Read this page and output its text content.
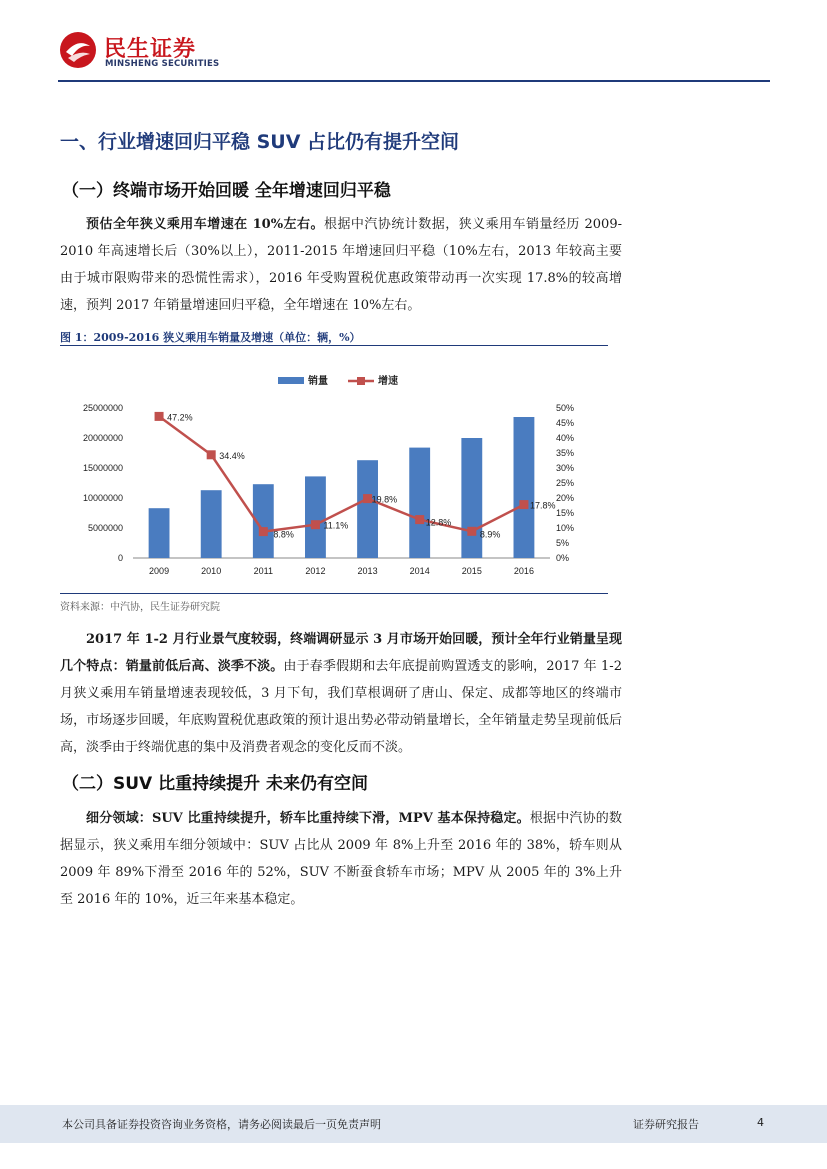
民生证券
MINSHENG SECURITIES
一、行业增速回归平稳 SUV 占比仍有提升空间
（一）终端市场开始回暖 全年增速回归平稳
预估全年狭义乘用车增速在 10%左右。根据中汽协统计数据，狭义乘用车销量经历 2009-2010 年高速增长后（30%以上），2011-2015 年增速回归平稳（10%左右，2013 年较高主要由于城市限购带来的恐慌性需求），2016 年受购置税优惠政策带动再一次实现 17.8%的较高增速，预判 2017 年销量增速回归平稳，全年增速在 10%左右。
图 1：2009-2016 狭义乘用车销量及增速（单位：辆，%）
0
5000000
10000000
15000000
20000000
25000000
0%
5%
10%
15%
20%
25%
30%
35%
40%
45%
50%
2009	2010	2011	2012	2013	2014	2015	2016
47.2%
34.4%
8.8%
11.1%
19.8%
12.8%
8.9%
17.8%
销量	增速
资料来源：中汽协，民生证券研究院
2017 年 1-2 月行业景气度较弱，终端调研显示 3 月市场开始回暖，预计全年行业销量呈现几个特点：销量前低后高、淡季不淡。由于春季假期和去年底提前购置透支的影响，2017 年 1-2 月狭义乘用车销量增速表现较低，3 月下旬，我们草根调研了唐山、保定、成都等地区的终端市场，市场逐步回暖，年底购置税优惠政策的预计退出势必带动销量增长，全年销量走势呈现前低后高，淡季由于终端优惠的集中及消费者观念的变化反而不淡。
（二）SUV 比重持续提升 未来仍有空间
细分领域：SUV 比重持续提升，轿车比重持续下滑，MPV 基本保持稳定。根据中汽协的数据显示，狭义乘用车细分领域中：SUV 占比从 2009 年 8%上升至 2016 年的 38%，轿车则从 2009 年 89%下滑至 2016 年的 52%，SUV 不断蚕食轿车市场；MPV 从 2005 年的 3%上升至 2016 年的 10%，近三年来基本稳定。
本公司具备证券投资咨询业务资格，请务必阅读最后一页免责声明	证券研究报告	4
